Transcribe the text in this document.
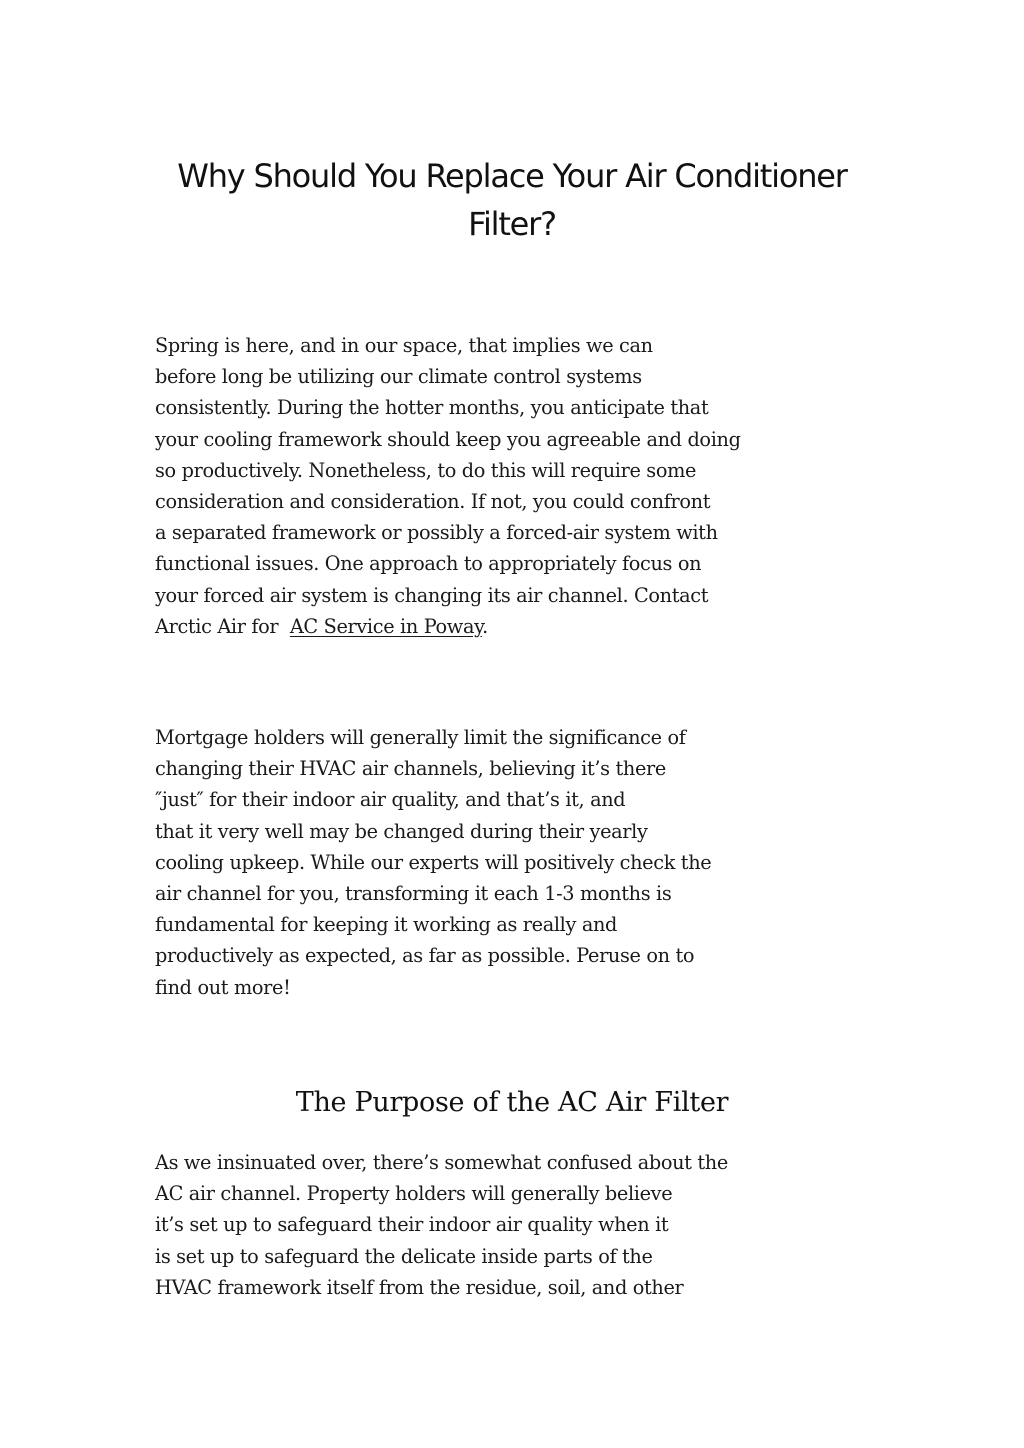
Why Should You Replace Your Air Conditioner
Filter?

Spring is here, and in our space, that implies we can
before long be utilizing our climate control systems
consistently. During the hotter months, you anticipate that
your cooling framework should keep you agreeable and doing
so productively. Nonetheless, to do this will require some
consideration and consideration. If not, you could confront
a separated framework or possibly a forced-air system with
functional issues. One approach to appropriately focus on
your forced air system is changing its air channel. Contact
Arctic Air for  AC Service in Poway.

Mortgage holders will generally limit the significance of
changing their HVAC air channels, believing it’s there
″just″ for their indoor air quality, and that’s it, and
that it very well may be changed during their yearly
cooling upkeep. While our experts will positively check the
air channel for you, transforming it each 1-3 months is
fundamental for keeping it working as really and
productively as expected, as far as possible. Peruse on to
find out more!

The Purpose of the AC Air Filter

As we insinuated over, there’s somewhat confused about the
AC air channel. Property holders will generally believe
it’s set up to safeguard their indoor air quality when it
is set up to safeguard the delicate inside parts of the
HVAC framework itself from the residue, soil, and other
